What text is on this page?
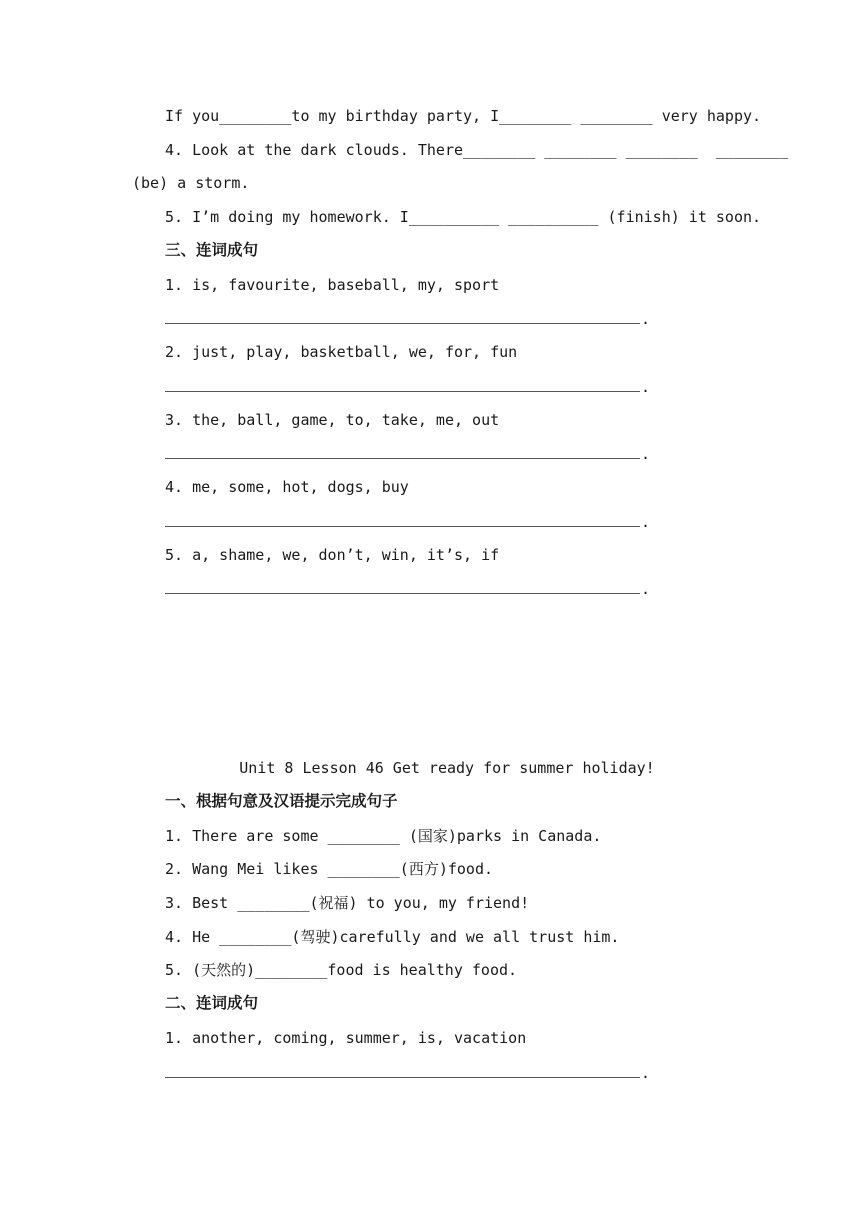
If you________to my birthday party, I________ ________ very happy.
4. Look at the dark clouds. There________ ________ ________  ________
(be) a storm.
5. I’m doing my homework. I__________ __________ (finish) it soon.
三、连词成句
1. is, favourite, baseball, my, sport
.
2. just, play, basketball, we, for, fun
.
3. the, ball, game, to, take, me, out
.
4. me, some, hot, dogs, buy
.
5. a, shame, we, don’t, win, it’s, if
.
Unit 8 Lesson 46 Get ready for summer holiday!
一、根据句意及汉语提示完成句子
1. There are some ________ (国家)parks in Canada.
2. Wang Mei likes ________(西方)food.
3. Best ________(祝福) to you, my friend!
4. He ________(驾驶)carefully and we all trust him.
5. (天然的)________food is healthy food.
二、连词成句
1. another, coming, summer, is, vacation
.
